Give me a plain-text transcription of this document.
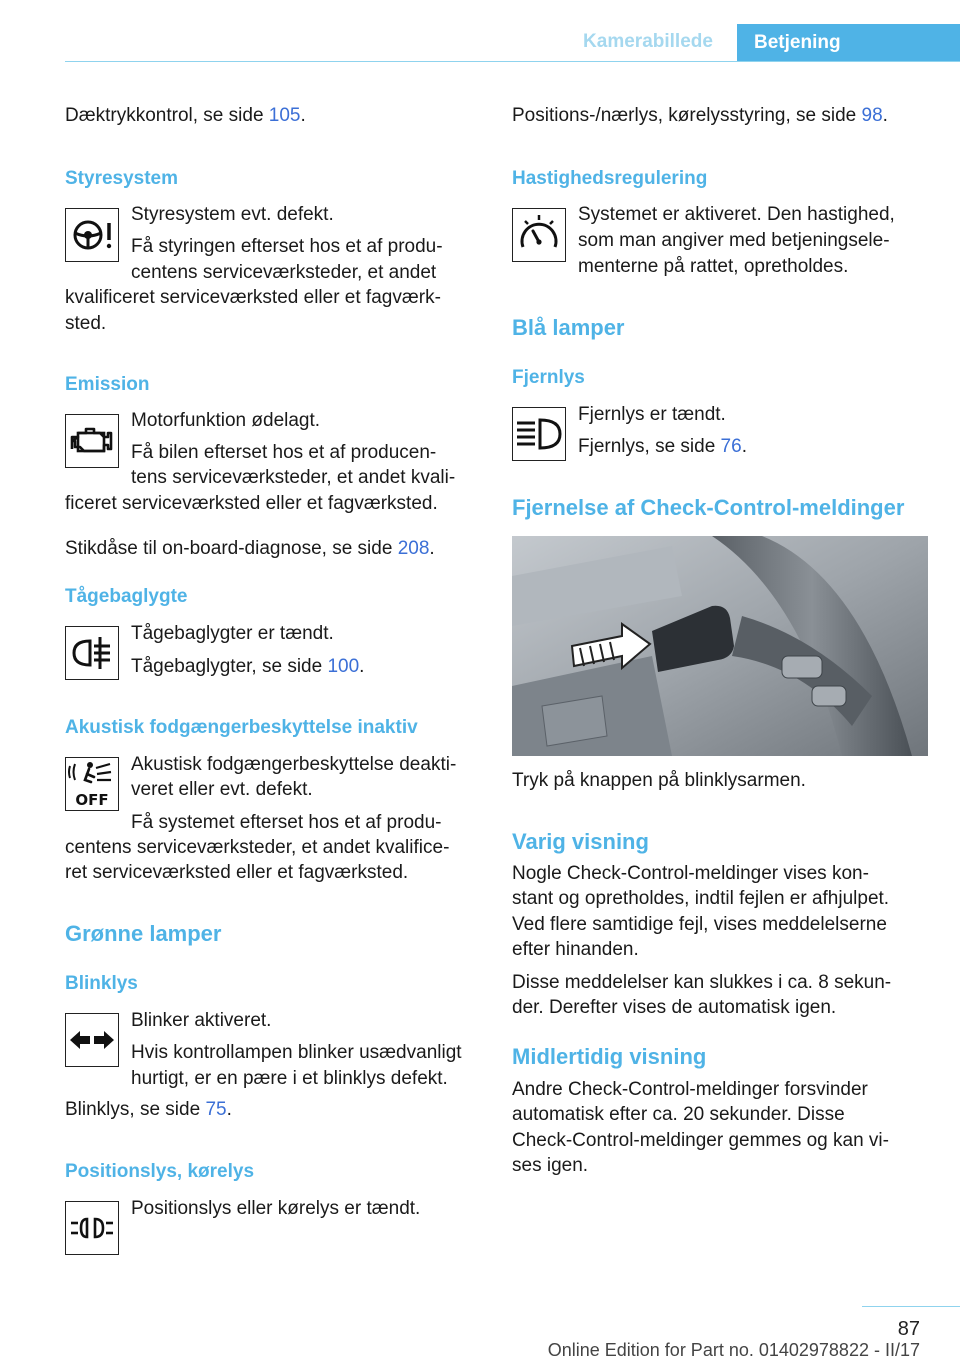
Kamerabillede	Betjening

Dæktrykkontrol, se side 105.

Styresystem

Styresystem evt. defekt.

Få styringen efterset hos et af produ-

centens serviceværksteder, et andet

kvalificeret serviceværksted eller et fagværk-

sted.

Emission

Motorfunktion ødelagt.

Få bilen efterset hos et af producen-

tens serviceværksteder, et andet kvali-

ficeret serviceværksted eller et fagværksted.

Stikdåse til on-board-diagnose, se side 208.

Tågebaglygte

Tågebaglygter er tændt.

Tågebaglygter, se side 100.

Akustisk fodgængerbeskyttelse inaktiv
OFF

Akustisk fodgængerbeskyttelse deakti-

veret eller evt. defekt.

Få systemet efterset hos et af produ-

centens serviceværksteder, et andet kvalifice-

ret serviceværksted eller et fagværksted.

Grønne lamper
Blinklys

Blinker aktiveret.

Hvis kontrollampen blinker usædvanligt

hurtigt, er en pære i et blinklys defekt.

Blinklys, se side 75.

Positionslys, kørelys

Positionslys eller kørelys er tændt.

Positions-/nærlys, kørelysstyring, se side 98.

Hastighedsregulering

Systemet er aktiveret. Den hastighed,

som man angiver med betjeningsele-

menterne på rattet, opretholdes.

Blå lamper
Fjernlys

Fjernlys er tændt.

Fjernlys, se side 76.

Fjernelse af Check-Control-meldinger

Tryk på knappen på blinklysarmen.

Varig visning

Nogle Check-Control-meldinger vises kon-

stant og opretholdes, indtil fejlen er afhjulpet.

Ved flere samtidige fejl, vises meddelelserne

efter hinanden.

Disse meddelelser kan slukkes i ca. 8 sekun-

der. Derefter vises de automatisk igen.

Midlertidig visning

Andre Check-Control-meldinger forsvinder

automatisk efter ca. 20 sekunder. Disse

Check-Control-meldinger gemmes og kan vi-

ses igen.

87
Online Edition for Part no. 01402978822 - II/17
